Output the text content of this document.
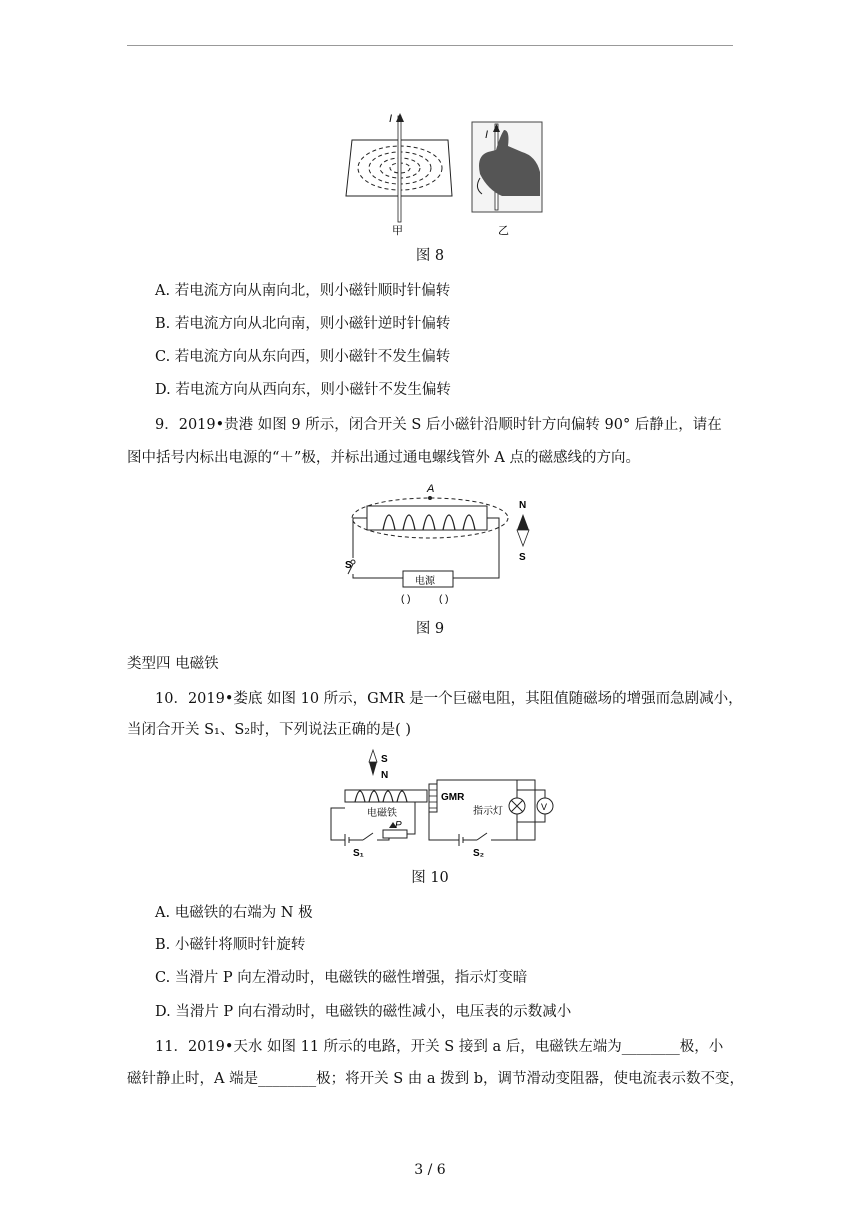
I
甲
I
乙
图 8
A. 若电流方向从南向北，则小磁针顺时针偏转
B. 若电流方向从北向南，则小磁针逆时针偏转
C. 若电流方向从东向西，则小磁针不发生偏转
D. 若电流方向从西向东，则小磁针不发生偏转
9．2019•贵港 如图 9 所示，闭合开关 S 后小磁针沿顺时针方向偏转 90° 后静止，请在
图中括号内标出电源的“＋”极，并标出通过通电螺线管外 A 点的磁感线的方向。
A
S
电源
( )	( )
N
S
图 9
类型四 电磁铁
10．2019•娄底 如图 10 所示，GMR 是一个巨磁电阻，其阻值随磁场的增强而急剧减小，
当闭合开关 S₁、S₂时，下列说法正确的是( )
S
N
电磁铁
P
S₁
GMR
指示灯	V
S₂
图 10
A. 电磁铁的右端为 N 极
B. 小磁针将顺时针旋转
C. 当滑片 P 向左滑动时，电磁铁的磁性增强，指示灯变暗
D. 当滑片 P 向右滑动时，电磁铁的磁性减小，电压表的示数减小
11．2019•天水 如图 11 所示的电路，开关 S 接到 a 后，电磁铁左端为________极，小
磁针静止时，A 端是________极；将开关 S 由 a 拨到 b，调节滑动变阻器，使电流表示数不变，
3 / 6
